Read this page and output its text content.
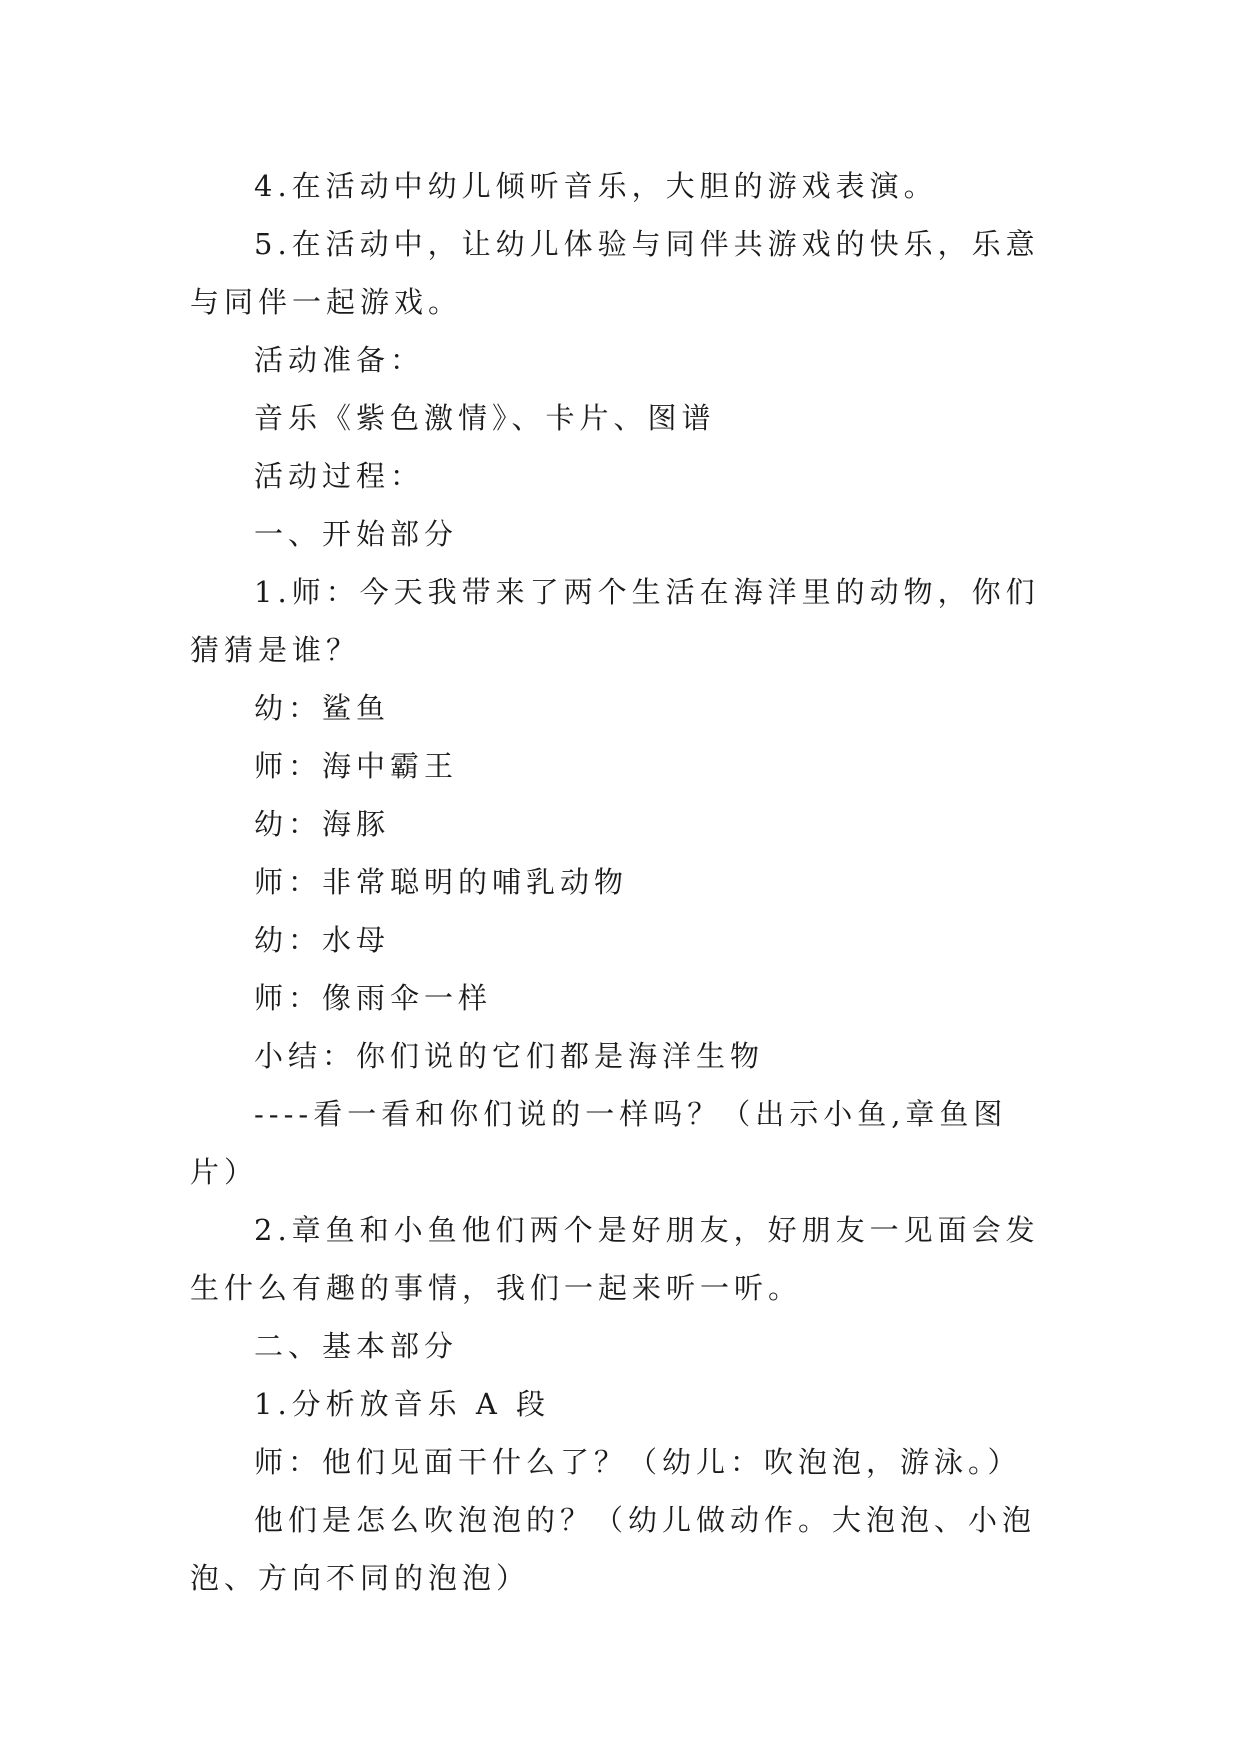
4.在活动中幼儿倾听音乐，大胆的游戏表演。

5.在活动中，让幼儿体验与同伴共游戏的快乐，乐意与同伴一起游戏。

活动准备：

音乐《紫色激情》、卡片、图谱

活动过程：

一、开始部分

1.师：今天我带来了两个生活在海洋里的动物，你们猜猜是谁？

幼：鲨鱼

师：海中霸王

幼：海豚

师：非常聪明的哺乳动物

幼：水母

师：像雨伞一样

小结：你们说的它们都是海洋生物

----看一看和你们说的一样吗？（出示小鱼,章鱼图片）

2.章鱼和小鱼他们两个是好朋友，好朋友一见面会发生什么有趣的事情，我们一起来听一听。

二、基本部分

1.分析放音乐 A 段

师：他们见面干什么了？（幼儿：吹泡泡，游泳。）

他们是怎么吹泡泡的？（幼儿做动作。大泡泡、小泡泡、方向不同的泡泡）
